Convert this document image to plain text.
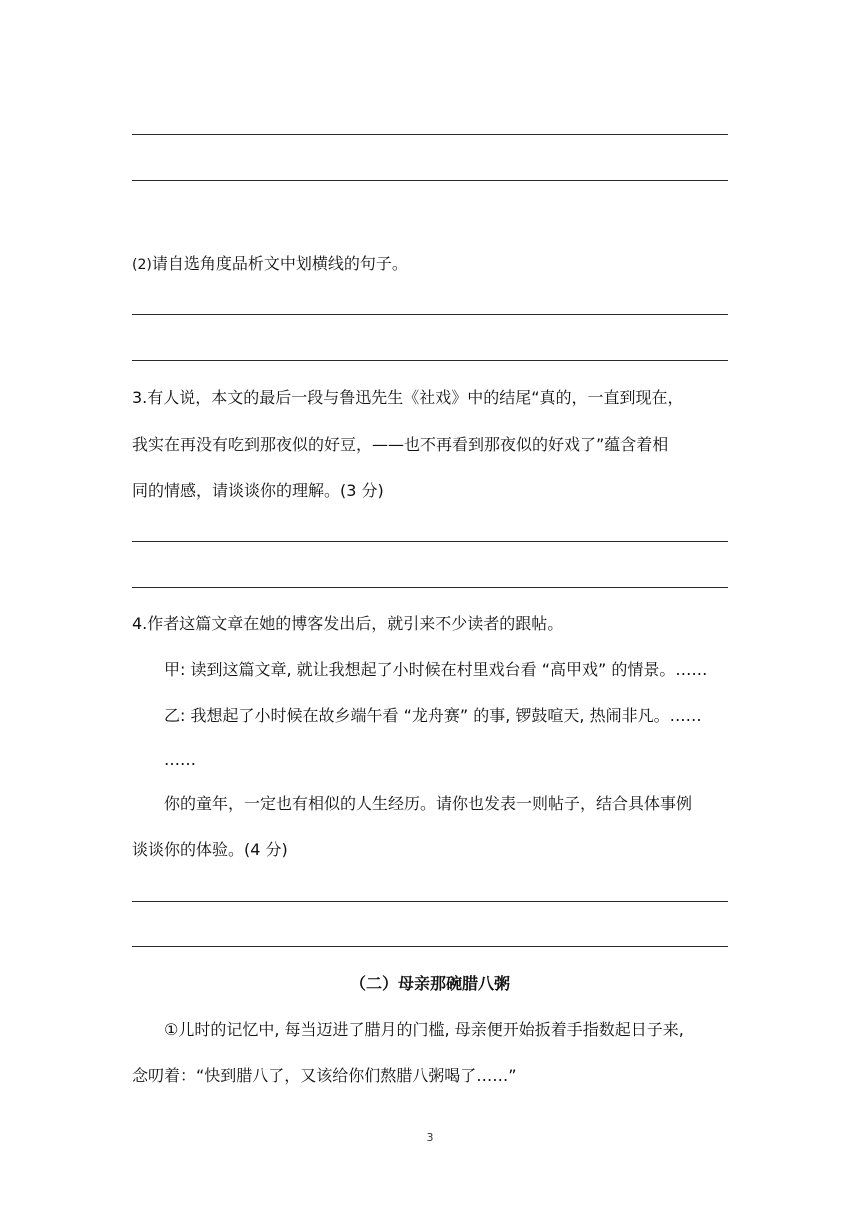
(2)请自选角度品析文中划横线的句子。
3.有人说，本文的最后一段与鲁迅先生《社戏》中的结尾“真的，一直到现在，
我实在再没有吃到那夜似的好豆，——也不再看到那夜似的好戏了”蕴含着相
同的情感，请谈谈你的理解。(3 分)
4.作者这篇文章在她的博客发出后，就引来不少读者的跟帖。
甲: 读到这篇文章, 就让我想起了小时候在村里戏台看 “高甲戏” 的情景。……
乙: 我想起了小时候在故乡端午看 “龙舟赛” 的事, 锣鼓喧天, 热闹非凡。……
……
你的童年，一定也有相似的人生经历。请你也发表一则帖子，结合具体事例
谈谈你的体验。(4 分)
（二）母亲那碗腊八粥
①儿时的记忆中, 每当迈进了腊月的门槛, 母亲便开始扳着手指数起日子来,
念叨着：“快到腊八了，又该给你们熬腊八粥喝了……”
3
